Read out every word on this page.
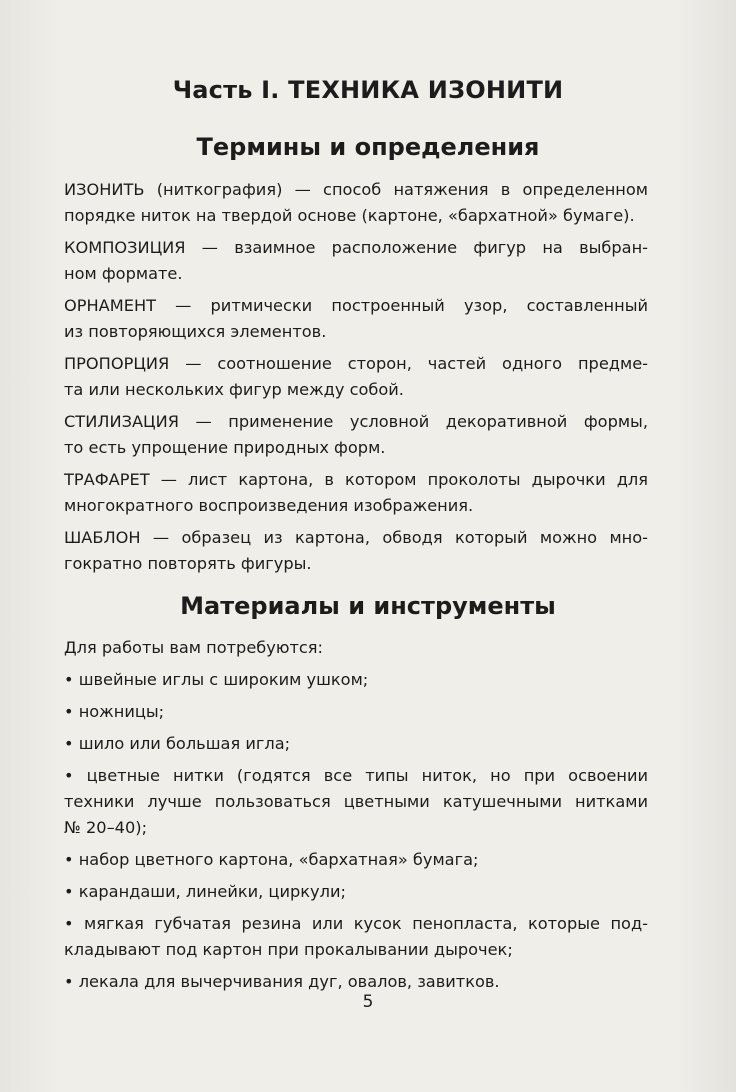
Часть I. ТЕХНИКА ИЗОНИТИ
Термины и определения
ИЗОНИТЬ (ниткография) — способ натяжения в определенном
порядке ниток на твердой основе (картоне, «бархатной» бумаге).
КОМПОЗИЦИЯ — взаимное расположение фигур на выбран-
ном формате.
ОРНАМЕНТ — ритмически построенный узор, составленный
из повторяющихся элементов.
ПРОПОРЦИЯ — соотношение сторон, частей одного предме-
та или нескольких фигур между собой.
СТИЛИЗАЦИЯ — применение условной декоративной формы,
то есть упрощение природных форм.
ТРАФАРЕТ — лист картона, в котором проколоты дырочки для
многократного воспроизведения изображения.
ШАБЛОН — образец из картона, обводя который можно мно-
гократно повторять фигуры.
Материалы и инструменты
Для работы вам потребуются:
• швейные иглы с широким ушком;
• ножницы;
• шило или большая игла;
• цветные нитки (годятся все типы ниток, но при освоении
техники лучше пользоваться цветными катушечными нитками
№ 20–40);
• набор цветного картона, «бархатная» бумага;
• карандаши, линейки, циркули;
• мягкая губчатая резина или кусок пенопласта, которые под-
кладывают под картон при прокалывании дырочек;
• лекала для вычерчивания дуг, овалов, завитков.
5
